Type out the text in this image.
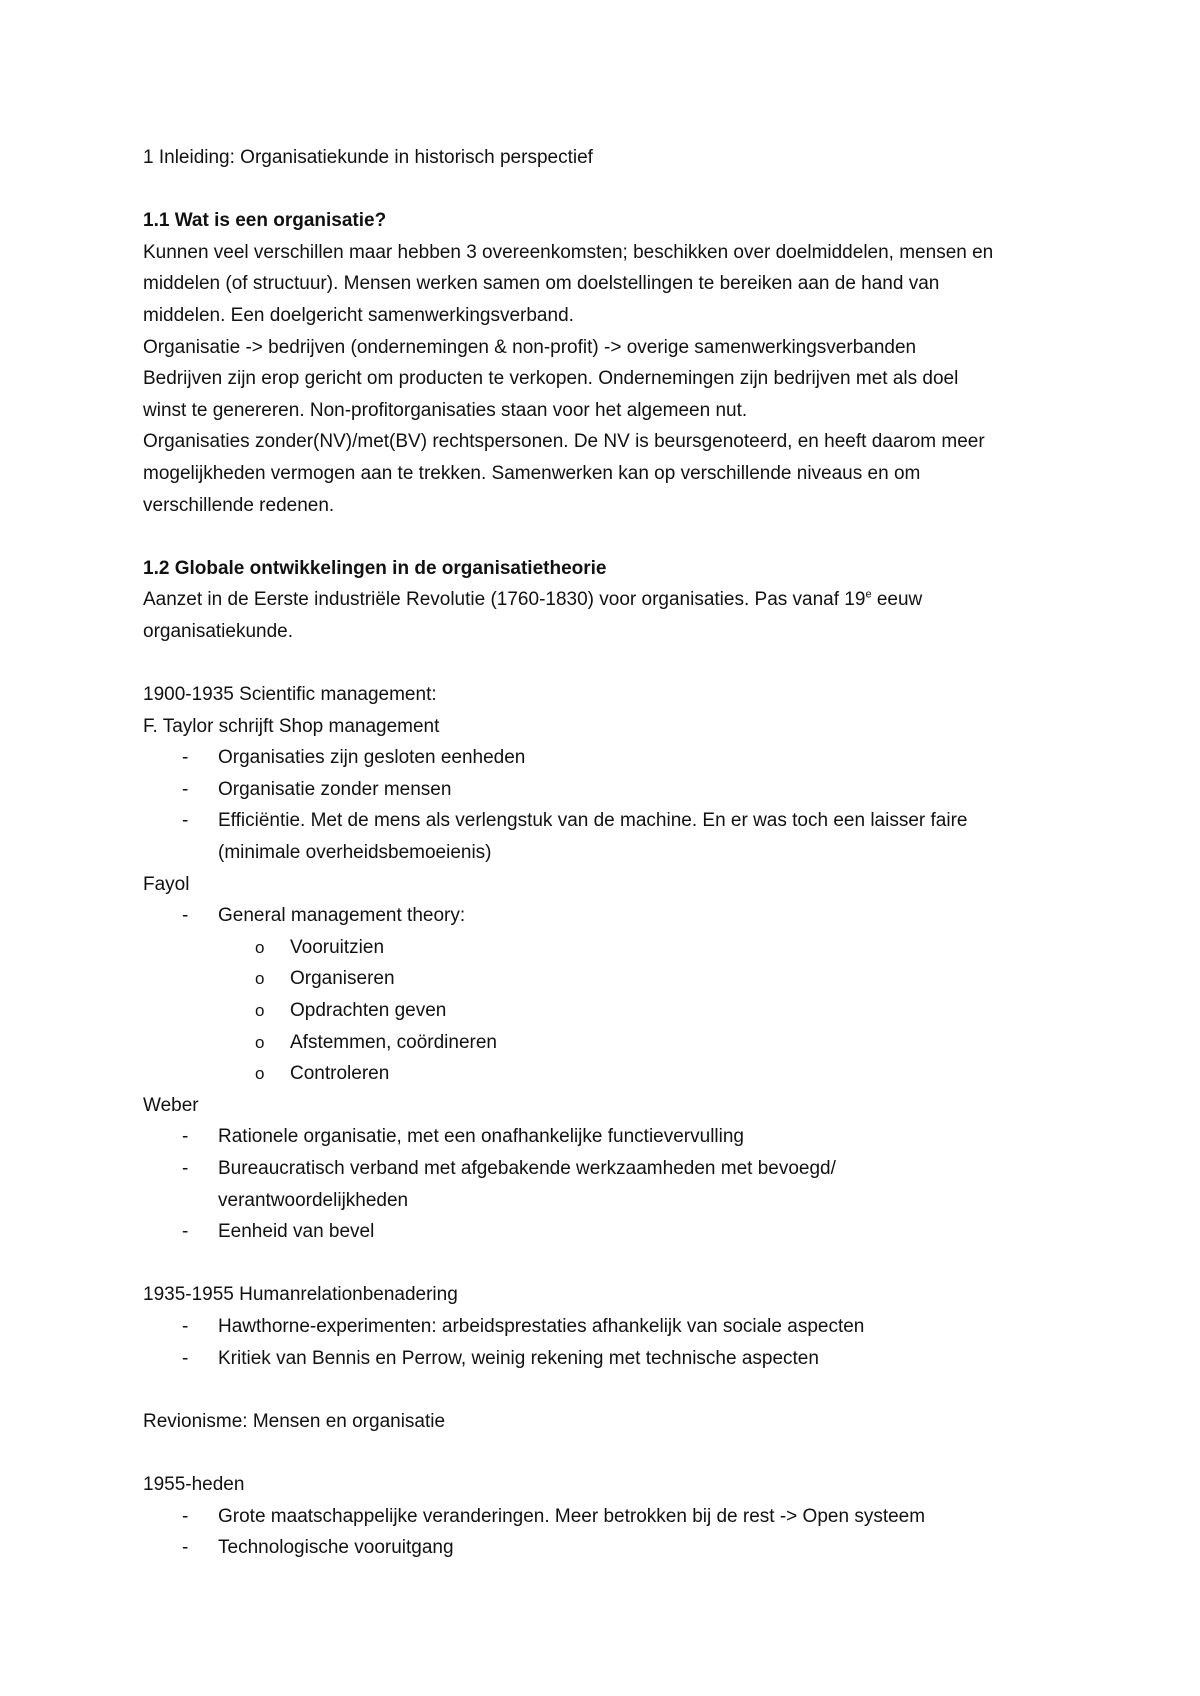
1 Inleiding: Organisatiekunde in historisch perspectief

1.1 Wat is een organisatie?

Kunnen veel verschillen maar hebben 3 overeenkomsten; beschikken over doelmiddelen, mensen en

middelen (of structuur). Mensen werken samen om doelstellingen te bereiken aan de hand van

middelen. Een doelgericht samenwerkingsverband.

Organisatie -> bedrijven (ondernemingen & non-profit) -> overige samenwerkingsverbanden

Bedrijven zijn erop gericht om producten te verkopen. Ondernemingen zijn bedrijven met als doel

winst te genereren. Non-profitorganisaties staan voor het algemeen nut.

Organisaties zonder(NV)/met(BV) rechtspersonen. De NV is beursgenoteerd, en heeft daarom meer

mogelijkheden vermogen aan te trekken. Samenwerken kan op verschillende niveaus en om

verschillende redenen.

1.2 Globale ontwikkelingen in de organisatietheorie

Aanzet in de Eerste industriële Revolutie (1760-1830) voor organisaties. Pas vanaf 19e eeuw

organisatiekunde.

1900-1935 Scientific management:

F. Taylor schrijft Shop management

- Organisaties zijn gesloten eenheden
- Organisatie zonder mensen
- Efficiëntie. Met de mens als verlengstuk van de machine. En er was toch een laisser faire
(minimale overheidsbemoeienis)

Fayol

- General management theory:
o Vooruitzien
o Organiseren
o Opdrachten geven
o Afstemmen, coördineren
o Controleren

Weber

- Rationele organisatie, met een onafhankelijke functievervulling
- Bureaucratisch verband met afgebakende werkzaamheden met bevoegd/
verantwoordelijkheden
- Eenheid van bevel

1935-1955 Humanrelationbenadering

- Hawthorne-experimenten: arbeidsprestaties afhankelijk van sociale aspecten
- Kritiek van Bennis en Perrow, weinig rekening met technische aspecten

Revionisme: Mensen en organisatie

1955-heden

- Grote maatschappelijke veranderingen. Meer betrokken bij de rest -> Open systeem
- Technologische vooruitgang
